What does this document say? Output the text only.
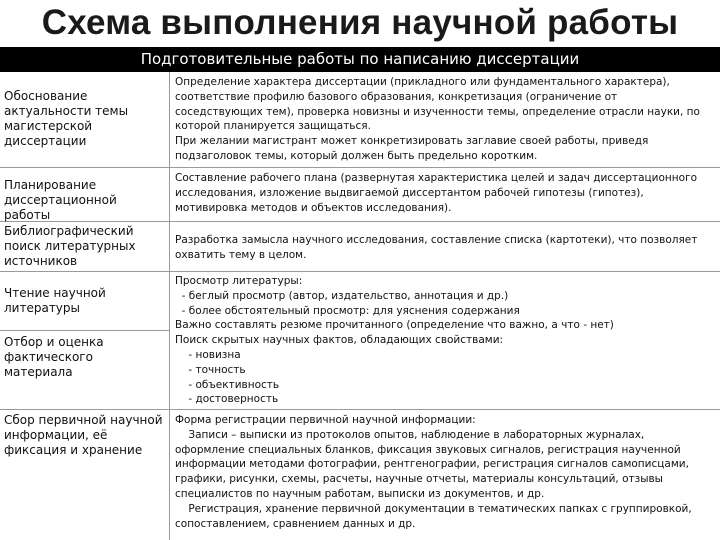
Схема выполнения научной работы
Подготовительные работы по написанию диссертации
Обоснование актуальности темы магистерской диссертации
Определение характера диссертации (прикладного или фундаментального характера),
соответствие профилю базового образования, конкретизация (ограничение от
соседствующих тем), проверка новизны и изученности темы, определение отрасли науки, по
которой планируется защищаться.
При желании магистрант может конкретизировать заглавие своей работы, приведя
подзаголовок темы, который должен быть предельно коротким.
Планирование диссертационной работы
Составление рабочего плана (развернутая характеристика целей и задач диссертационного
исследования, изложение выдвигаемой диссертантом рабочей гипотезы (гипотез),
мотивировка методов и объектов исследования).
Библиографический поиск литературных источников
Разработка замысла научного исследования, составление списка (картотеки), что позволяет
охватить тему в целом.
Чтение научной литературы
Отбор и оценка фактического материала
Просмотр литературы:
- беглый просмотр (автор, издательство, аннотация и др.)
- более обстоятельный просмотр: для уяснения содержания
Важно составлять резюме прочитанного (определение что важно, а что - нет)
Поиск скрытых научных фактов, обладающих свойствами:
- новизна
- точность
- объективность
- достоверность
Сбор первичной научной информации, её фиксация и хранение
Форма регистрации первичной научной информации:
Записи – выписки из протоколов опытов, наблюдение в лабораторных журналах,
оформление специальных бланков, фиксация звуковых сигналов, регистрация наученной
информации методами фотографии, рентгенографии, регистрация сигналов самописцами,
графики, рисунки, схемы, расчеты, научные отчеты, материалы консультаций, отзывы
специалистов по научным работам, выписки из документов, и др.
Регистрация, хранение первичной документации в тематических папках с группировкой,
сопоставлением, сравнением данных и др.
